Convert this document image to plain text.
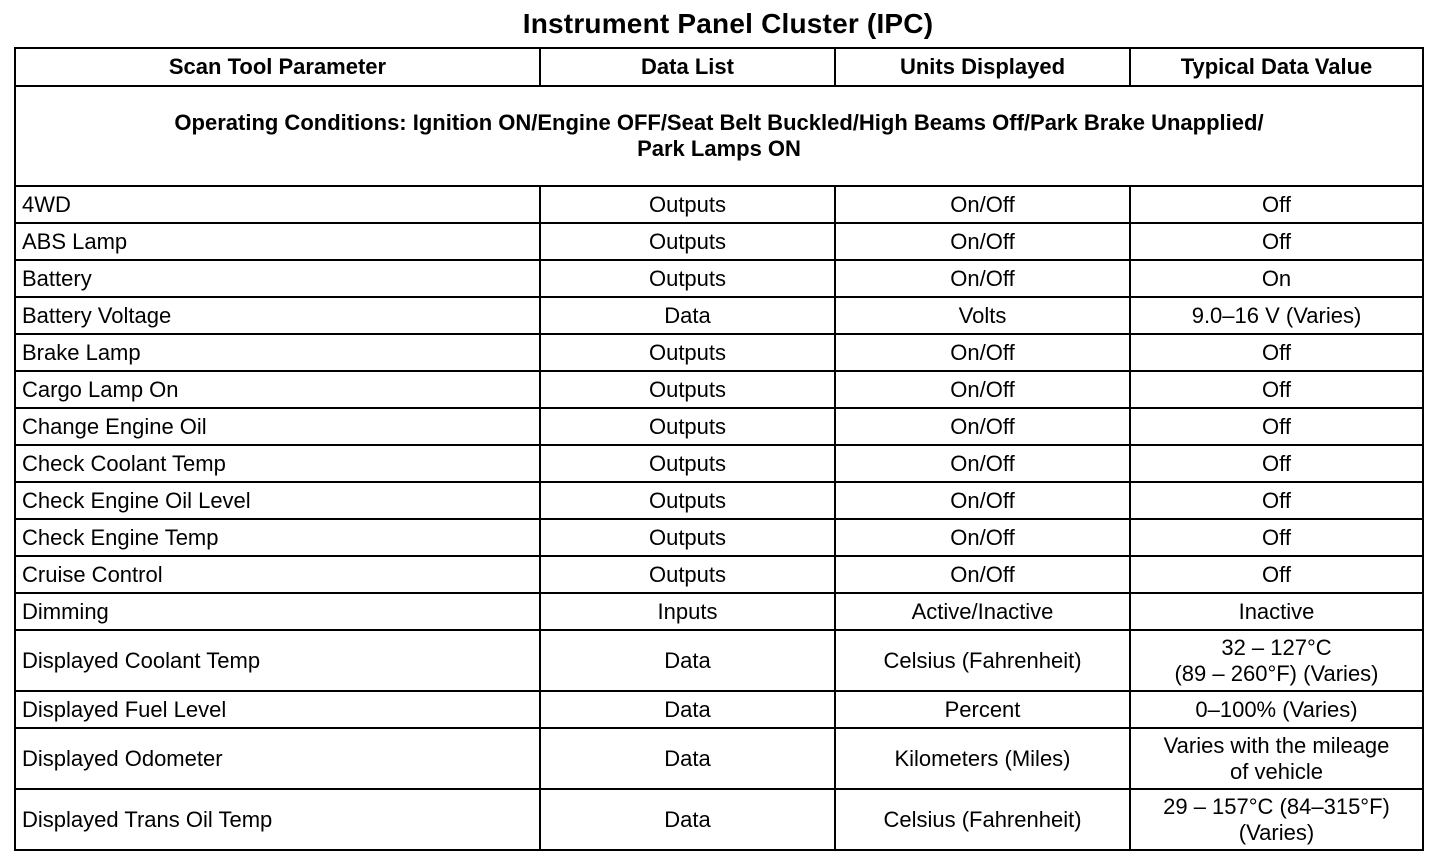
Instrument Panel Cluster (IPC)
Scan Tool Parameter	Data List	Units Displayed	Typical Data Value

Operating Conditions: Ignition ON/Engine OFF/Seat Belt Buckled/High Beams Off/Park Brake Unapplied/
Park Lamps ON			

4WD	Outputs	On/Off	Off

ABS Lamp	Outputs	On/Off	Off

Battery	Outputs	On/Off	On

Battery Voltage	Data	Volts	9.0–16 V (Varies)

Brake Lamp	Outputs	On/Off	Off

Cargo Lamp On	Outputs	On/Off	Off

Change Engine Oil	Outputs	On/Off	Off

Check Coolant Temp	Outputs	On/Off	Off

Check Engine Oil Level	Outputs	On/Off	Off

Check Engine Temp	Outputs	On/Off	Off

Cruise Control	Outputs	On/Off	Off

Dimming	Inputs	Active/Inactive	Inactive

Displayed Coolant Temp	Data	Celsius (Fahrenheit)	32 – 127°C
(89 – 260°F) (Varies)

Displayed Fuel Level	Data	Percent	0–100% (Varies)

Displayed Odometer	Data	Kilometers (Miles)	Varies with the mileage
of vehicle

Displayed Trans Oil Temp	Data	Celsius (Fahrenheit)	29 – 157°C (84–315°F)
(Varies)
